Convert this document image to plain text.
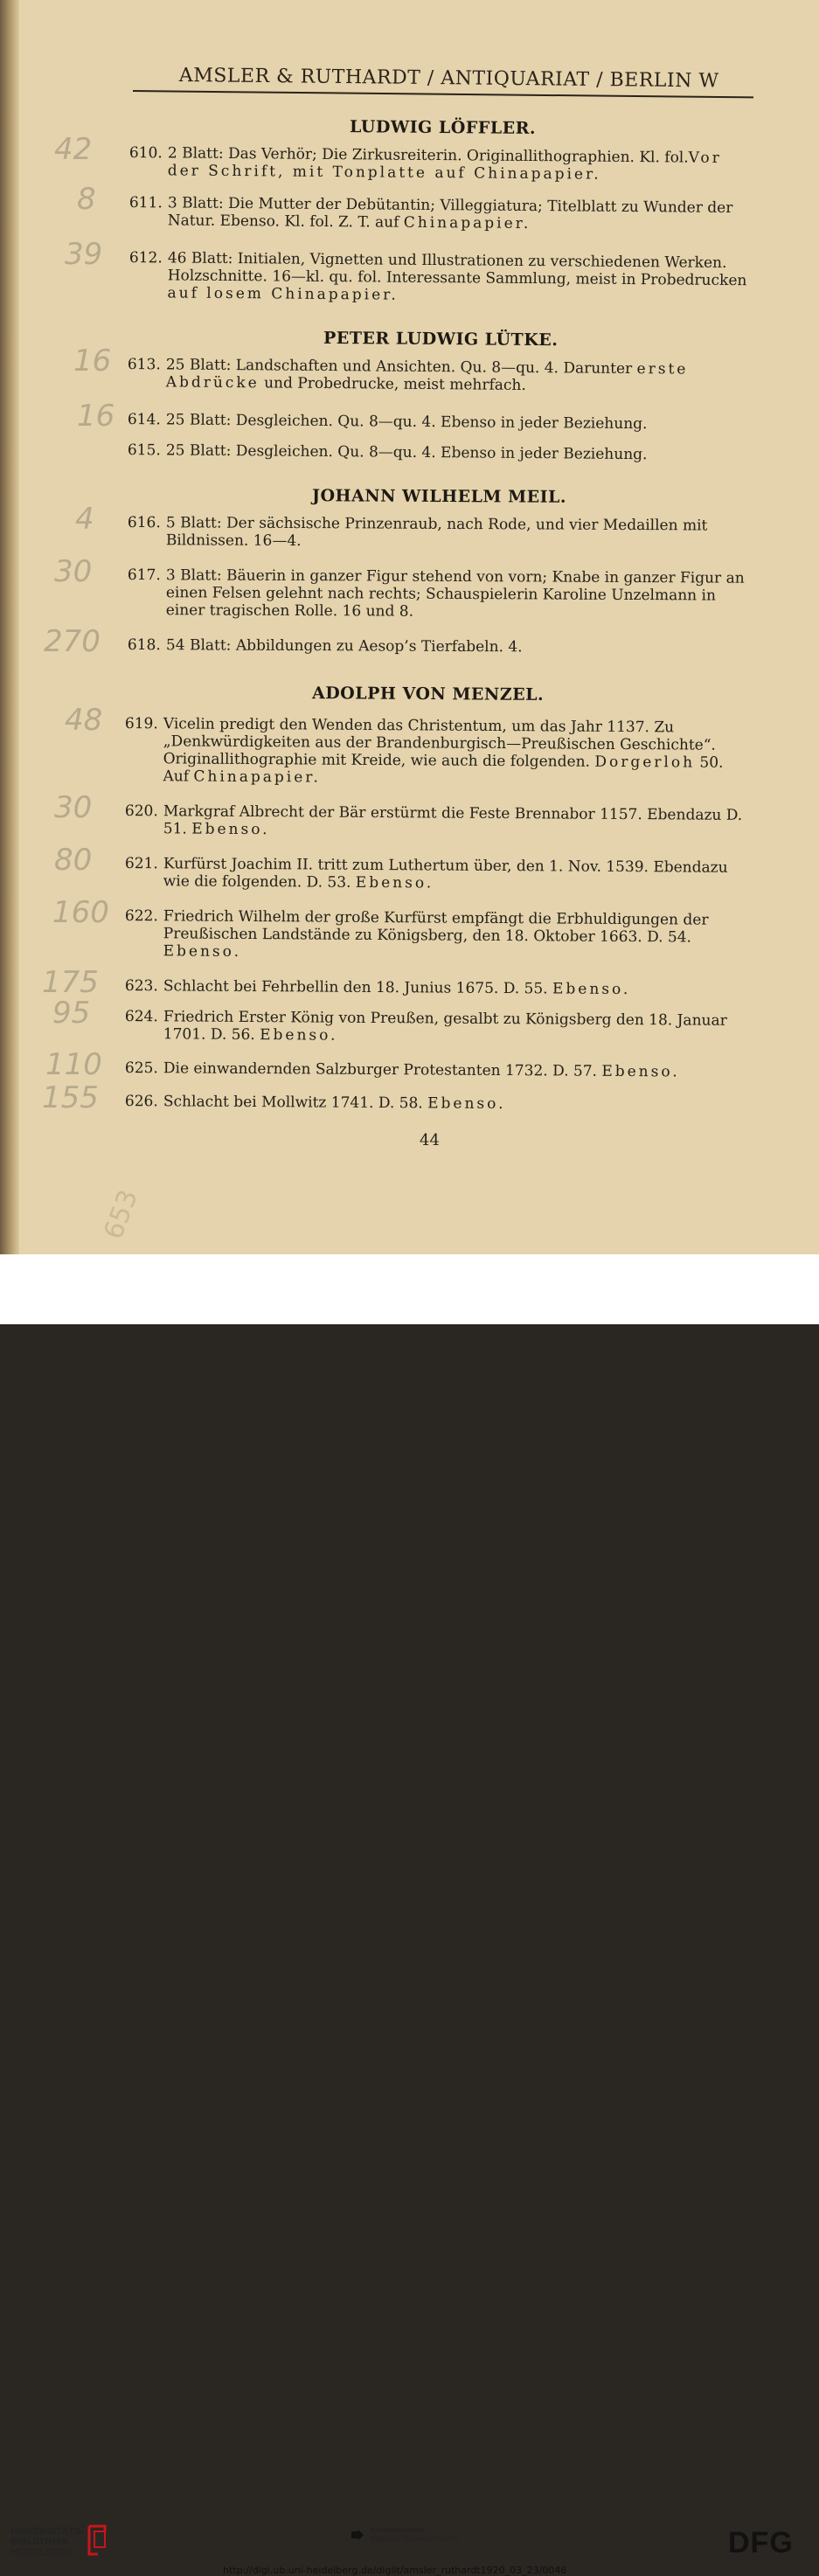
AMSLER & RUTHARDT / ANTIQUARIAT / BERLIN W
LUDWIG LÖFFLER.
610. 2 Blatt: Das Verhör; Die Zirkusreiterin. Originallithographien. Kl. fol.Vor der Schrift, mit Tonplatte auf Chinapapier.
42
611. 3 Blatt: Die Mutter der Debütantin; Villeggiatura; Titelblatt zu Wunder der Natur. Ebenso. Kl. fol. Z. T. auf Chinapapier.
8
612. 46 Blatt: Initialen, Vignetten und Illustrationen zu verschiedenen Werken. Holzschnitte. 16—kl. qu. fol. Interessante Sammlung, meist in Probedrucken auf losem Chinapapier.
39
PETER LUDWIG LÜTKE.
613. 25 Blatt: Landschaften und Ansichten. Qu. 8—qu. 4. Darunter erste Abdrücke und Probedrucke, meist mehrfach.
16
614. 25 Blatt: Desgleichen. Qu. 8—qu. 4. Ebenso in jeder Beziehung.
16
615. 25 Blatt: Desgleichen. Qu. 8—qu. 4. Ebenso in jeder Beziehung.
JOHANN WILHELM MEIL.
616. 5 Blatt: Der sächsische Prinzenraub, nach Rode, und vier Medaillen mit Bildnissen. 16—4.
4
617. 3 Blatt: Bäuerin in ganzer Figur stehend von vorn; Knabe in ganzer Figur an einen Felsen gelehnt nach rechts; Schauspielerin Karoline Unzelmann in einer tragischen Rolle. 16 und 8.
30
618. 54 Blatt: Abbildungen zu Aesop’s Tierfabeln. 4.
270
ADOLPH VON MENZEL.
619. Vicelin predigt den Wenden das Christentum, um das Jahr 1137. Zu „Denkwürdigkeiten aus der Brandenburgisch—Preußischen Geschichte“. Originallithographie mit Kreide, wie auch die folgenden. Dorgerloh 50. Auf Chinapapier.
48
620. Markgraf Albrecht der Bär erstürmt die Feste Brennabor 1157. Ebendazu D. 51. Ebenso.
30
621. Kurfürst Joachim II. tritt zum Luthertum über, den 1. Nov. 1539. Ebendazu wie die folgenden. D. 53. Ebenso.
80
622. Friedrich Wilhelm der große Kurfürst empfängt die Erbhuldigungen der Preußischen Landstände zu Königsberg, den 18. Oktober 1663. D. 54. Ebenso.
160
623. Schlacht bei Fehrbellin den 18. Junius 1675. D. 55. Ebenso.
175
624. Friedrich Erster König von Preußen, gesalbt zu Königsberg den 18. Januar 1701. D. 56. Ebenso.
95
625. Die einwandernden Salzburger Protestanten 1732. D. 57. Ebenso.
110
626. Schlacht bei Mollwitz 1741. D. 58. Ebenso.
155
44
653
UNIVERSITÄTS-
BIBLIOTHEK
HEIDELBERG
Kunstbibliothek
Staatliche Museen zu Berlin	DFG
http://digi.ub.uni-heidelberg.de/diglit/amsler_ruthardt1920_03_23/0046
